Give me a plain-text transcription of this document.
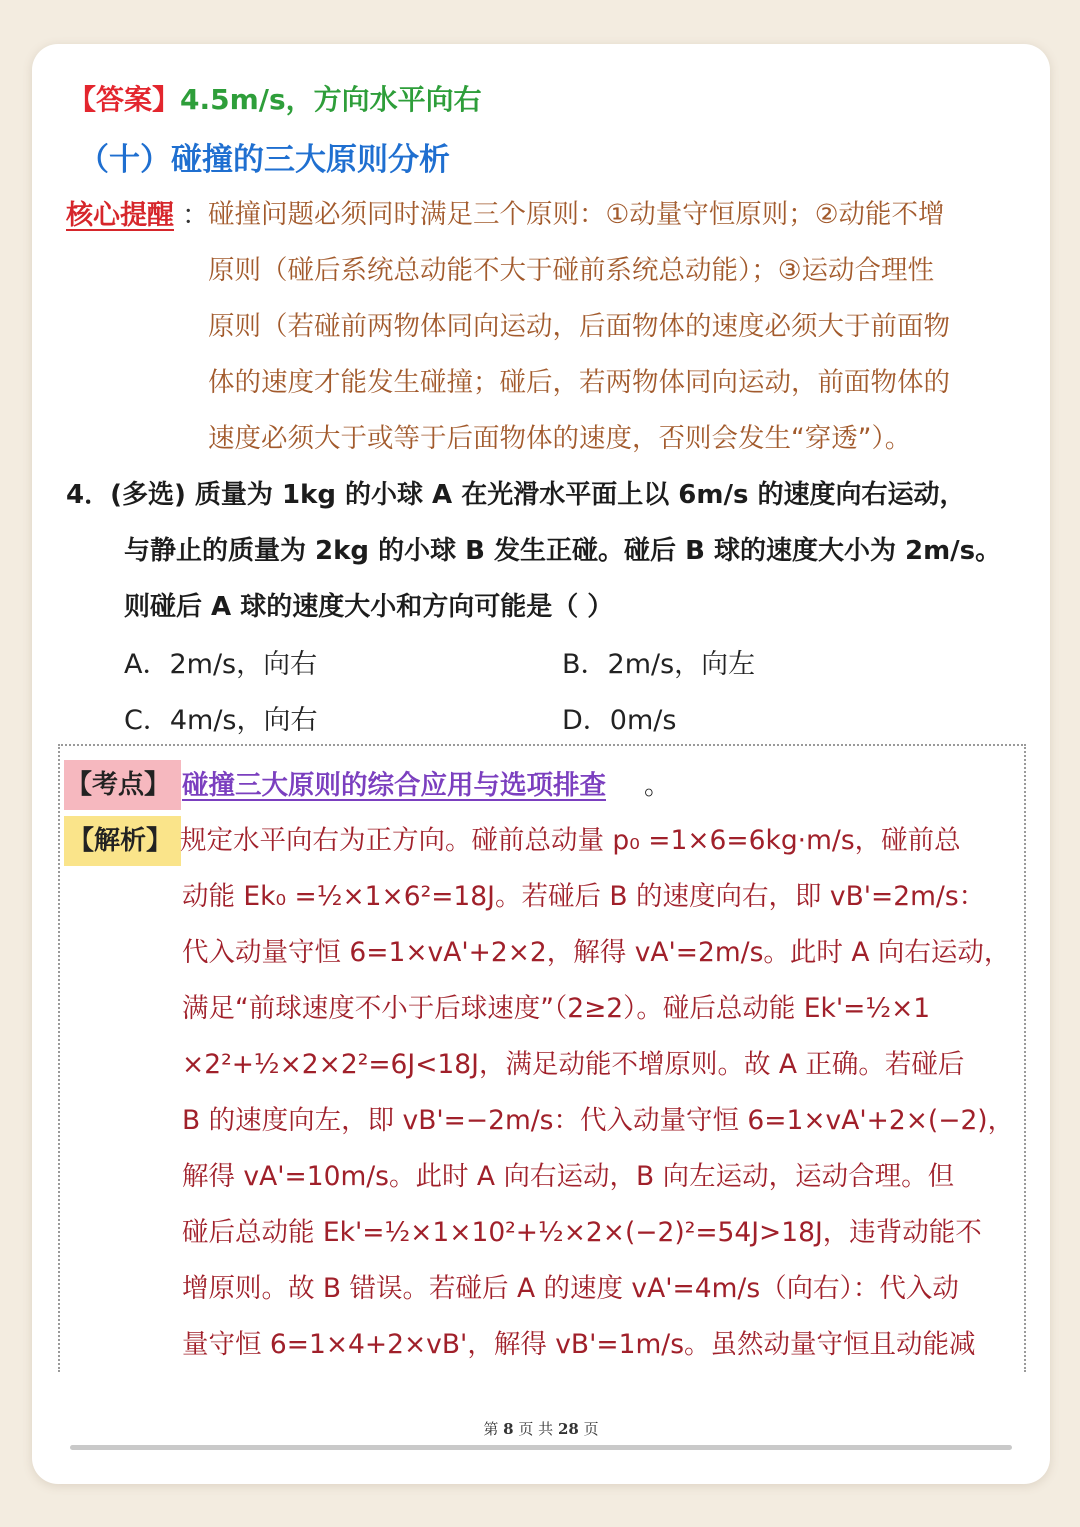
【答案】4.5m/s，方向水平向右
（十）碰撞的三大原则分析
核心提醒 ： 碰撞问题必须同时满足三个原则：①动量守恒原则；②动能不增
原则（碰后系统总动能不大于碰前系统总动能）；③运动合理性
原则（若碰前两物体同向运动，后面物体的速度必须大于前面物
体的速度才能发生碰撞；碰后，若两物体同向运动，前面物体的
速度必须大于或等于后面物体的速度，否则会发生“穿透”）。
4．(多选) 质量为 1kg 的小球 A 在光滑水平面上以 6m/s 的速度向右运动，
与静止的质量为 2kg 的小球 B 发生正碰。碰后 B 球的速度大小为 2m/s。
则碰后 A 球的速度大小和方向可能是（ ）
A．2m/s，向右	B．2m/s，向左
C．4m/s，向右	D．0m/s
【考点】 碰撞三大原则的综合应用与选项排查 。
【解析】 规定水平向右为正方向。碰前总动量 p₀ =1×6=6kg·m/s，碰前总
动能 Ek₀ =½×1×6²=18J。若碰后 B 的速度向右，即 vB'=2m/s：
代入动量守恒 6=1×vA'+2×2，解得 vA'=2m/s。此时 A 向右运动，
满足“前球速度不小于后球速度”（2≥2）。碰后总动能 Ek'=½×1
×2²+½×2×2²=6J<18J，满足动能不增原则。故 A 正确。若碰后
B 的速度向左，即 vB'=−2m/s：代入动量守恒 6=1×vA'+2×(−2)，
解得 vA'=10m/s。此时 A 向右运动，B 向左运动，运动合理。但
碰后总动能 Ek'=½×1×10²+½×2×(−2)²=54J>18J，违背动能不
增原则。故 B 错误。若碰后 A 的速度 vA'=4m/s（向右）：代入动
量守恒 6=1×4+2×vB'，解得 vB'=1m/s。虽然动量守恒且动能减
第 8 页 共 28 页
